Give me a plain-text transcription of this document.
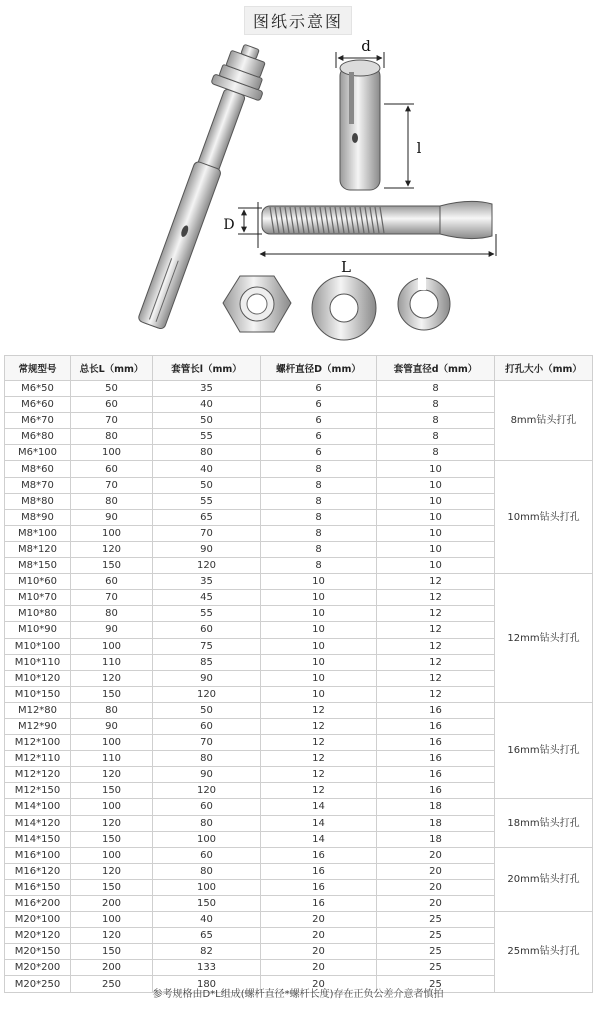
图纸示意图
d
l
D
L
常规型号	总长L（mm）	套管长l（mm）	螺杆直径D（mm）	套管直径d（mm）	打孔大小（mm）
M6*50	50	35	6	8	8mm钻头打孔
M6*60	60	40	6	8	
M6*70	70	50	6	8	
M6*80	80	55	6	8	
M6*100	100	80	6	8	
M8*60	60	40	8	10	10mm钻头打孔
M8*70	70	50	8	10	
M8*80	80	55	8	10	
M8*90	90	65	8	10	
M8*100	100	70	8	10	
M8*120	120	90	8	10	
M8*150	150	120	8	10	
M10*60	60	35	10	12	12mm钻头打孔
M10*70	70	45	10	12	
M10*80	80	55	10	12	
M10*90	90	60	10	12	
M10*100	100	75	10	12	
M10*110	110	85	10	12	
M10*120	120	90	10	12	
M10*150	150	120	10	12	
M12*80	80	50	12	16	16mm钻头打孔
M12*90	90	60	12	16	
M12*100	100	70	12	16	
M12*110	110	80	12	16	
M12*120	120	90	12	16	
M12*150	150	120	12	16	
M14*100	100	60	14	18	18mm钻头打孔
M14*120	120	80	14	18	
M14*150	150	100	14	18	
M16*100	100	60	16	20	20mm钻头打孔
M16*120	120	80	16	20	
M16*150	150	100	16	20	
M16*200	200	150	16	20	
M20*100	100	40	20	25	25mm钻头打孔
M20*120	120	65	20	25	
M20*150	150	82	20	25	
M20*200	200	133	20	25	
M20*250	250	180	20	25	
参考规格由D*L组成(螺杆直径*螺杆长度)存在正负公差介意者慎拍
